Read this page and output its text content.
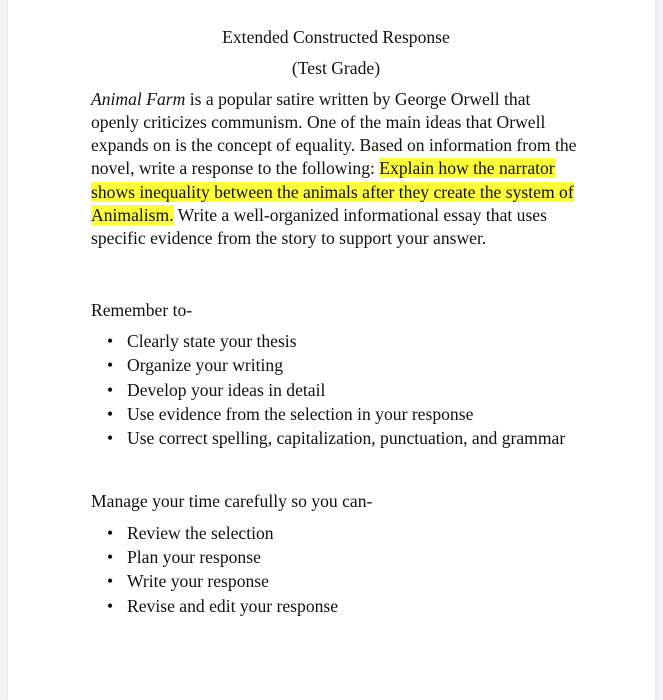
Extended Constructed Response

(Test Grade)

Animal Farm is a popular satire written by George Orwell that openly criticizes communism. One of the main ideas that Orwell expands on is the concept of equality. Based on information from the novel, write a response to the following: Explain how the narrator shows inequality between the animals after they create the system of Animalism. Write a well-organized informational essay that uses specific evidence from the story to support your answer.

Remember to-

• Clearly state your thesis
• Organize your writing
• Develop your ideas in detail
• Use evidence from the selection in your response
• Use correct spelling, capitalization, punctuation, and grammar

Manage your time carefully so you can-

• Review the selection
• Plan your response
• Write your response
• Revise and edit your response
